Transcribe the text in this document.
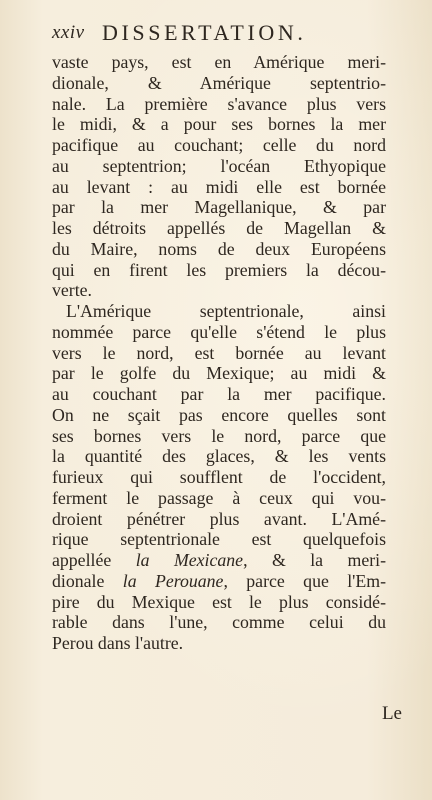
xxiv DISSERTATION.
vaste pays, est en Amérique meri-
dionale, & Amérique septentrio-
nale. La première s'avance plus vers
le midi, & a pour ses bornes la mer
pacifique au couchant; celle du nord
au septentrion; l'océan Ethyopique
au levant : au midi elle est bornée
par la mer Magellanique, & par
les détroits appellés de Magellan &
du Maire, noms de deux Européens
qui en firent les premiers la décou-
verte.
L'Amérique septentrionale, ainsi
nommée parce qu'elle s'étend le plus
vers le nord, est bornée au levant
par le golfe du Mexique; au midi &
au couchant par la mer pacifique.
On ne sçait pas encore quelles sont
ses bornes vers le nord, parce que
la quantité des glaces, & les vents
furieux qui soufflent de l'occident,
ferment le passage à ceux qui vou-
droient pénétrer plus avant. L'Amé-
rique septentrionale est quelquefois
appellée la Mexicane, & la meri-
dionale la Perouane, parce que l'Em-
pire du Mexique est le plus considé-
rable dans l'une, comme celui du
Perou dans l'autre.
Le
